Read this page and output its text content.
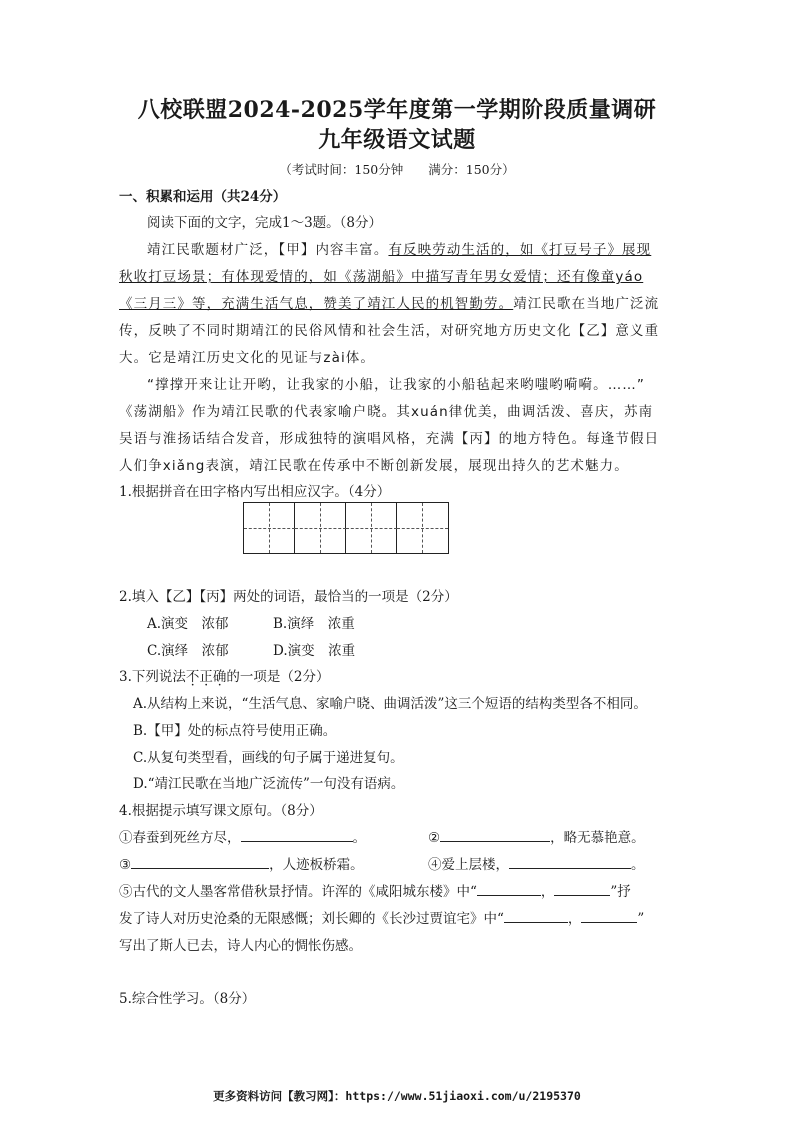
八校联盟2024-2025学年度第一学期阶段质量调研
九年级语文试题
（考试时间：150分钟　　满分：150分）
一、积累和运用（共24分）
阅读下面的文字，完成1～3题。（8分）
靖江民歌题材广泛，【甲】内容丰富。有反映劳动生活的，如《打豆号子》展现
秋收打豆场景；有体现爱情的，如《荡湖船》中描写青年男女爱情；还有像童yáo
《三月三》等，充满生活气息，赞美了靖江人民的机智勤劳。靖江民歌在当地广泛流
传，反映了不同时期靖江的民俗风情和社会生活，对研究地方历史文化【乙】意义重
大。它是靖江历史文化的见证与zài体。
“撑撑开来让让开哟，让我家的小船，让我家的小船毡起来哟嗤哟嗬嗬。……”
《荡湖船》作为靖江民歌的代表家喻户晓。其xuán律优美，曲调活泼、喜庆，苏南
吴语与淮扬话结合发音，形成独特的演唱风格，充满【丙】的地方特色。每逢节假日
人们争xiǎng表演，靖江民歌在传承中不断创新发展，展现出持久的艺术魅力。
1.根据拼音在田字格内写出相应汉字。（4分）
2.填入【乙】【丙】两处的词语，最恰当的一项是（2分）
A.演变　浓郁	B.演绎　浓重
C.演绎　浓郁	D.演变　浓重
3.下列说法不正确的一项是（2分）
A.从结构上来说，“生活气息、家喻户晓、曲调活泼”这三个短语的结构类型各不相同。
B.【甲】处的标点符号使用正确。
C.从复句类型看，画线的句子属于递进复句。
D.“靖江民歌在当地广泛流传”一句没有语病。
4.根据提示填写课文原句。（8分）
①春蚕到死丝方尽，	。	②	，略无慕艳意。
③	，人迹板桥霜。	④爱上层楼，	。
⑤古代的文人墨客常借秋景抒情。许浑的《咸阳城东楼》中“	，	”抒
发了诗人对历史沧桑的无限感慨；刘长卿的《长沙过贾谊宅》中“	，	”
写出了斯人已去，诗人内心的惆怅伤感。
5.综合性学习。（8分）
更多资料访问【教习网】：https://www.51jiaoxi.com/u/2195370
